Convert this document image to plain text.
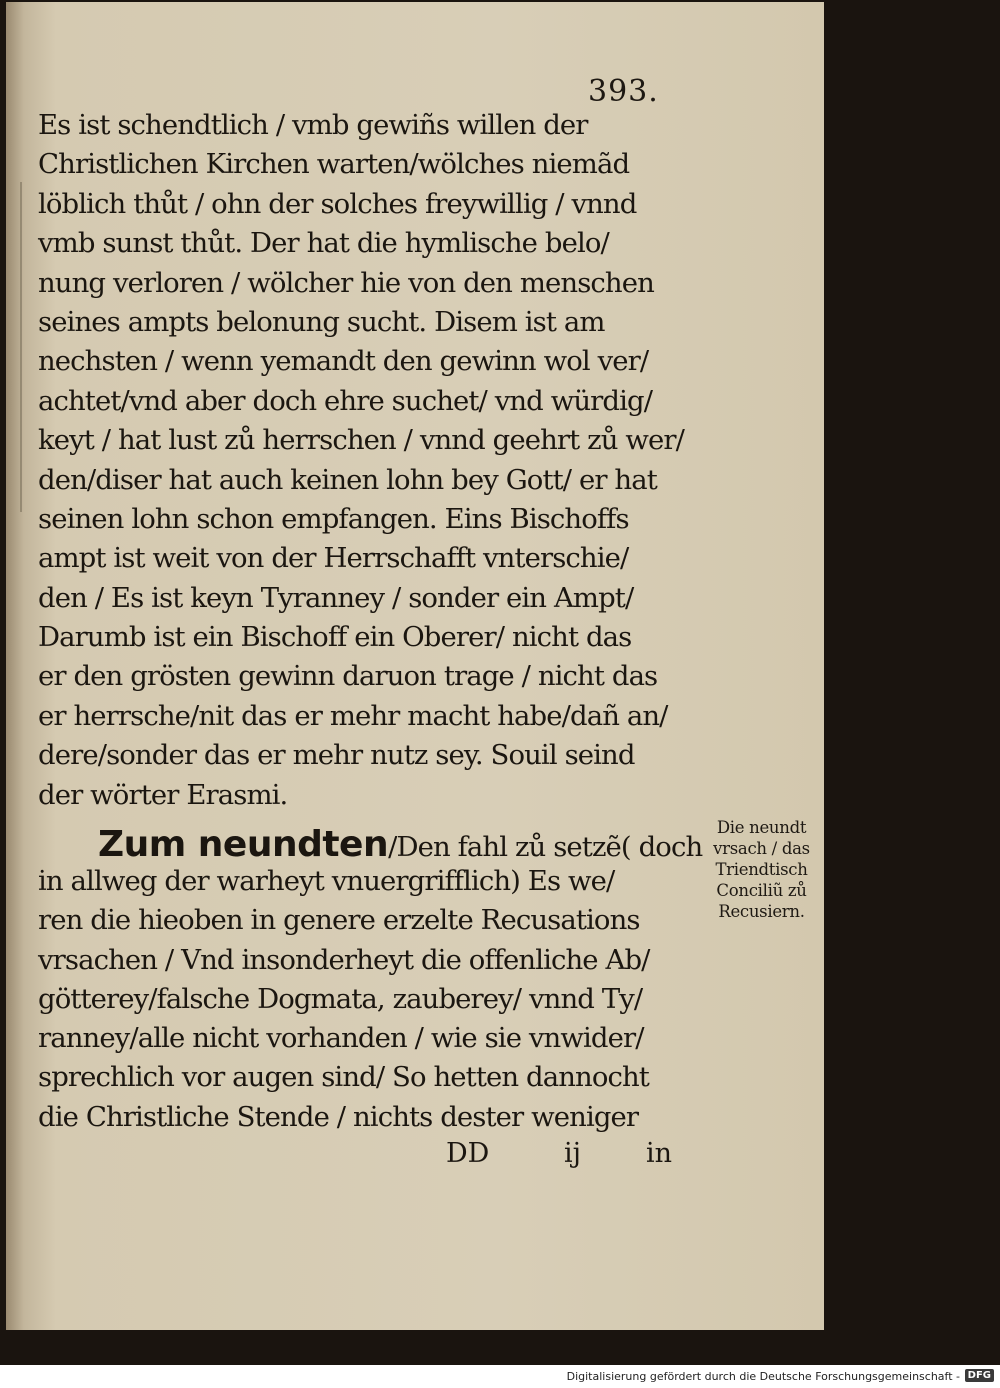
393.
Es ist schendtlich / vmb gewiñs willen der
Christlichen Kirchen warten/wölches niemãd
löblich thůt / ohn der solches freywillig / vnnd
vmb sunst thůt. Der hat die hymlische belo/
nung verloren / wölcher hie von den menschen
seines ampts belonung sucht. Disem ist am
nechsten / wenn yemandt den gewinn wol ver/
achtet/vnd aber doch ehre suchet/ vnd würdig/
keyt / hat lust zů herrschen / vnnd geehrt zů wer/
den/diser hat auch keinen lohn bey Gott/ er hat
seinen lohn schon empfangen. Eins Bischoffs
ampt ist weit von der Herrschafft vnterschie/
den / Es ist keyn Tyranney / sonder ein Ampt/
Darumb ist ein Bischoff ein Oberer/ nicht das
er den grösten gewinn daruon trage / nicht das
er herrsche/nit das er mehr macht habe/dañ an/
dere/sonder das er mehr nutz sey. Souil seind
der wörter Erasmi.
Zum neundten/Den fahl zů setzẽ( doch
in allweg der warheyt vnuergrifflich) Es we/
ren die hieoben in genere erzelte Recusations
vrsachen / Vnd insonderheyt die offenliche Ab/
götterey/falsche Dogmata, zauberey/ vnnd Ty/
ranney/alle nicht vorhanden / wie sie vnwider/
sprechlich vor augen sind/ So hetten dannocht
die Christliche Stende / nichts dester weniger
DD	ij in
Die neundt
vrsach / das
Triendtisch
Conciliũ zů
Recusiern.
Digitalisierung gefördert durch die Deutsche Forschungsgemeinschaft - DFG
